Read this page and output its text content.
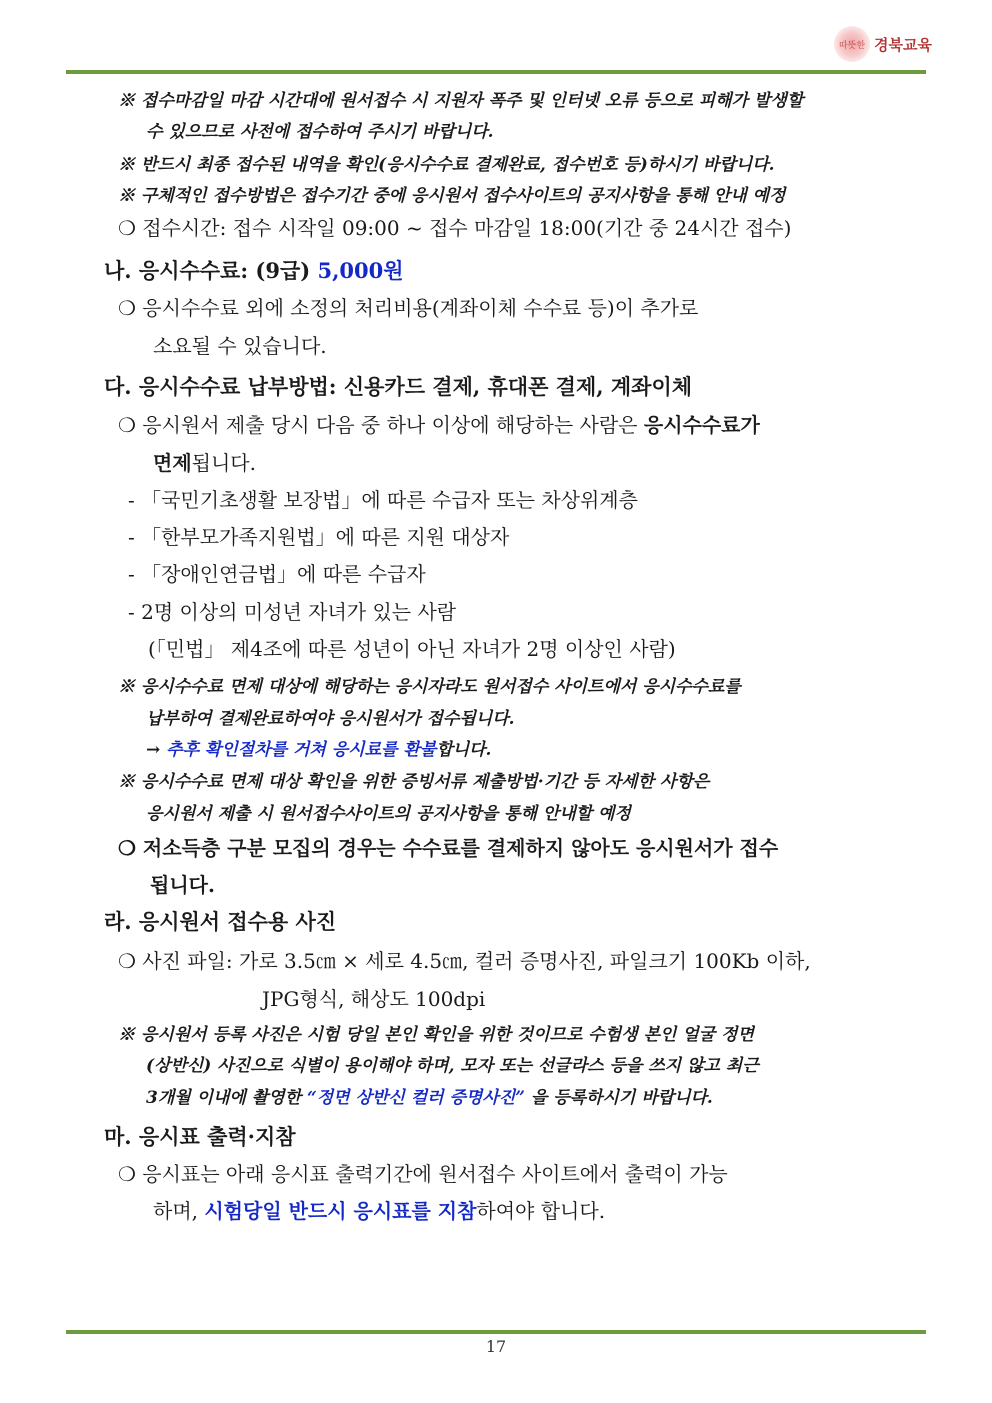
따뜻한 경북교육
※ 접수마감일 마감 시간대에 원서접수 시 지원자 폭주 및 인터넷 오류 등으로 피해가 발생할
수 있으므로 사전에 접수하여 주시기 바랍니다.
※ 반드시 최종 접수된 내역을 확인(응시수수료 결제완료, 접수번호 등)하시기 바랍니다.
※ 구체적인 접수방법은 접수기간 중에 응시원서 접수사이트의 공지사항을 통해 안내 예정
❍ 접수시간: 접수 시작일 09:00 ~ 접수 마감일 18:00(기간 중 24시간 접수)
나. 응시수수료: (9급) 5,000원
❍ 응시수수료 외에 소정의 처리비용(계좌이체 수수료 등)이 추가로
소요될 수 있습니다.
다. 응시수수료 납부방법: 신용카드 결제, 휴대폰 결제, 계좌이체
❍ 응시원서 제출 당시 다음 중 하나 이상에 해당하는 사람은 응시수수료가
면제됩니다.
- 「국민기초생활 보장법」에 따른 수급자 또는 차상위계층
- 「한부모가족지원법」에 따른 지원 대상자
- 「장애인연금법」에 따른 수급자
- 2명 이상의 미성년 자녀가 있는 사람
(「민법」 제4조에 따른 성년이 아닌 자녀가 2명 이상인 사람)
※ 응시수수료 면제 대상에 해당하는 응시자라도 원서접수 사이트에서 응시수수료를
납부하여 결제완료하여야 응시원서가 접수됩니다.
→ 추후 확인절차를 거쳐 응시료를 환불합니다.
※ 응시수수료 면제 대상 확인을 위한 증빙서류 제출방법·기간 등 자세한 사항은
응시원서 제출 시 원서접수사이트의 공지사항을 통해 안내할 예정
❍ 저소득층 구분 모집의 경우는 수수료를 결제하지 않아도 응시원서가 접수
됩니다.
라. 응시원서 접수용 사진
❍ 사진 파일: 가로 3.5㎝ × 세로 4.5㎝, 컬러 증명사진, 파일크기 100Kb 이하,
JPG형식, 해상도 100dpi
※ 응시원서 등록 사진은 시험 당일 본인 확인을 위한 것이므로 수험생 본인 얼굴 정면
(상반신) 사진으로 식별이 용이해야 하며, 모자 또는 선글라스 등을 쓰지 않고 최근
3개월 이내에 촬영한 “정면 상반신 컬러 증명사진” 을 등록하시기 바랍니다.
마. 응시표 출력·지참
❍ 응시표는 아래 응시표 출력기간에 원서접수 사이트에서 출력이 가능
하며, 시험당일 반드시 응시표를 지참하여야 합니다.
17
